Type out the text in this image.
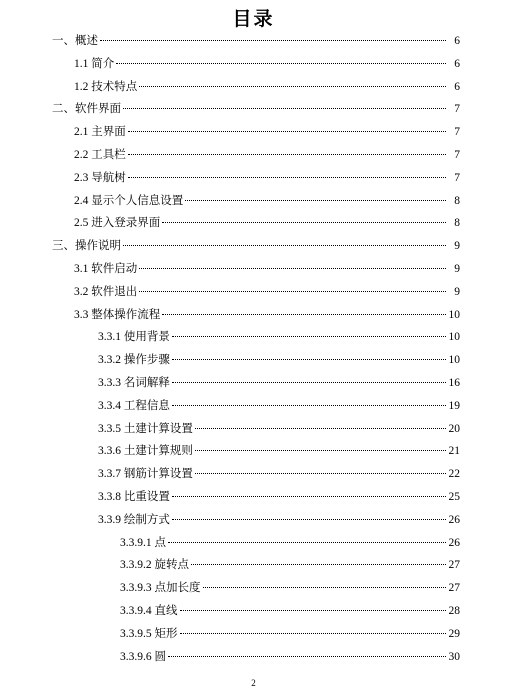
目录
一、概述	6
1.1 简介	6
1.2 技术特点	6
二、软件界面	7
2.1 主界面	7
2.2 工具栏	7
2.3 导航树	7
2.4 显示个人信息设置	8
2.5 进入登录界面	8
三、操作说明	9
3.1 软件启动	9
3.2 软件退出	9
3.3 整体操作流程	10
3.3.1 使用背景	10
3.3.2 操作步骤	10
3.3.3 名词解释	16
3.3.4 工程信息	19
3.3.5 土建计算设置	20
3.3.6 土建计算规则	21
3.3.7 钢筋计算设置	22
3.3.8 比重设置	25
3.3.9 绘制方式	26
3.3.9.1 点	26
3.3.9.2 旋转点	27
3.3.9.3 点加长度	27
3.3.9.4 直线	28
3.3.9.5 矩形	29
3.3.9.6 圆	30
2
